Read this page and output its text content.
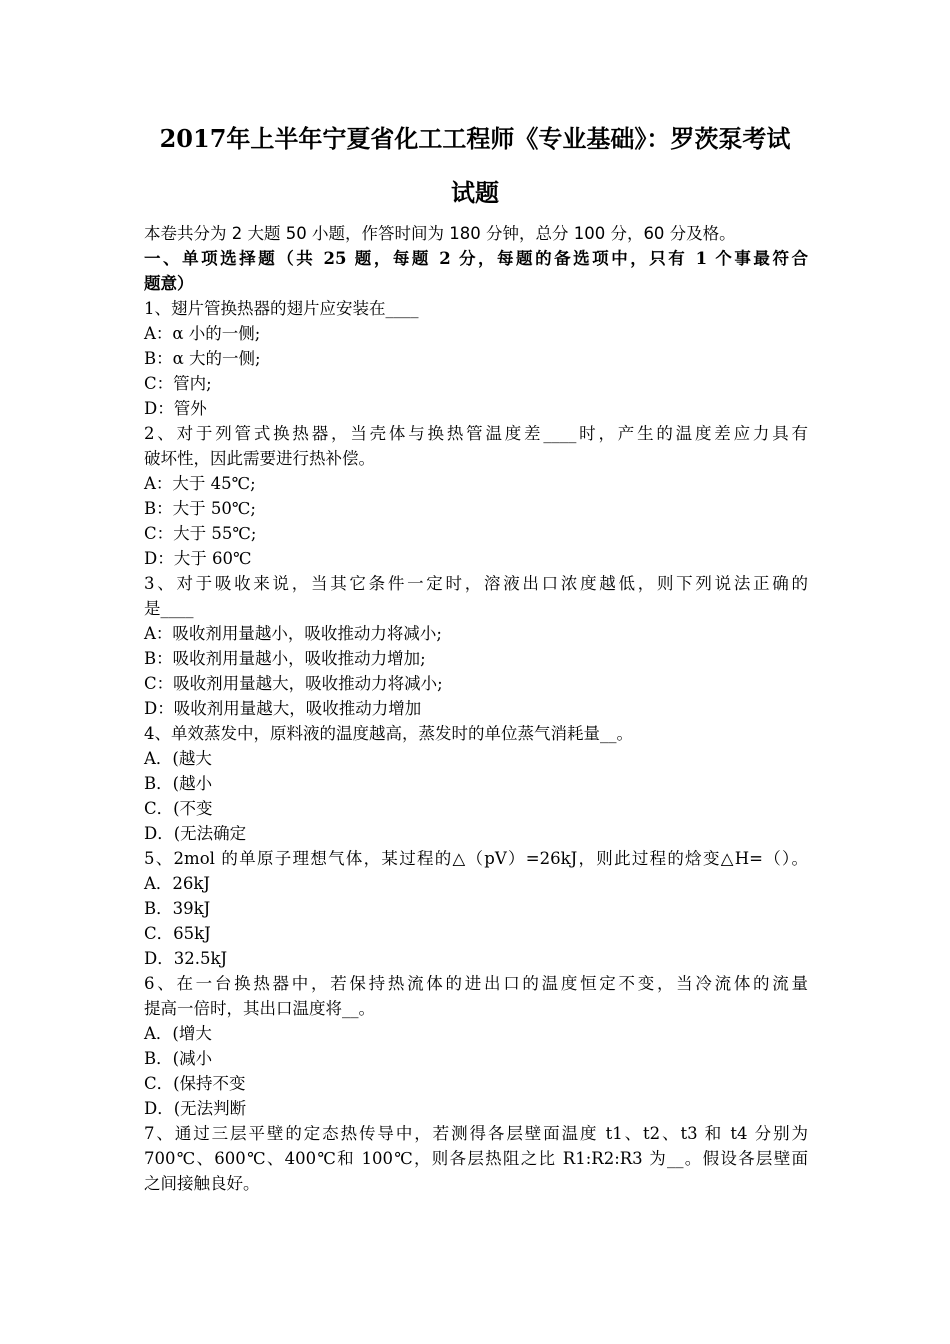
2017年上半年宁夏省化工工程师《专业基础》：罗茨泵考试
试题
本卷共分为 2 大题 50 小题，作答时间为 180 分钟，总分 100 分，60 分及格。
一、单项选择题（共 25 题，每题 2 分，每题的备选项中，只有 1 个事最符合
题意）
1、翅片管换热器的翅片应安装在____
A：α 小的一侧;
B：α 大的一侧;
C：管内;
D：管外
2、对于列管式换热器，当壳体与换热管温度差____时，产生的温度差应力具有
破坏性，因此需要进行热补偿。
A：大于 45℃;
B：大于 50℃;
C：大于 55℃;
D：大于 60℃
3、对于吸收来说，当其它条件一定时，溶液出口浓度越低，则下列说法正确的
是____
A：吸收剂用量越小，吸收推动力将减小;
B：吸收剂用量越小，吸收推动力增加;
C：吸收剂用量越大，吸收推动力将减小;
D：吸收剂用量越大，吸收推动力增加
4、单效蒸发中，原料液的温度越高，蒸发时的单位蒸气消耗量__。
A．(越大
B．(越小
C．(不变
D．(无法确定
5、2mol 的单原子理想气体，某过程的△（pV）=26kJ，则此过程的焓变△H=（）。
A．26kJ
B．39kJ
C．65kJ
D．32.5kJ
6、在一台换热器中，若保持热流体的进出口的温度恒定不变，当冷流体的流量
提高一倍时，其出口温度将__。
A．(增大
B．(减小
C．(保持不变
D．(无法判断
7、通过三层平壁的定态热传导中，若测得各层壁面温度 t1、t2、t3 和 t4 分别为
700℃、600℃、400℃和 100℃，则各层热阻之比 R1:R2:R3 为__。假设各层壁面
之间接触良好。
